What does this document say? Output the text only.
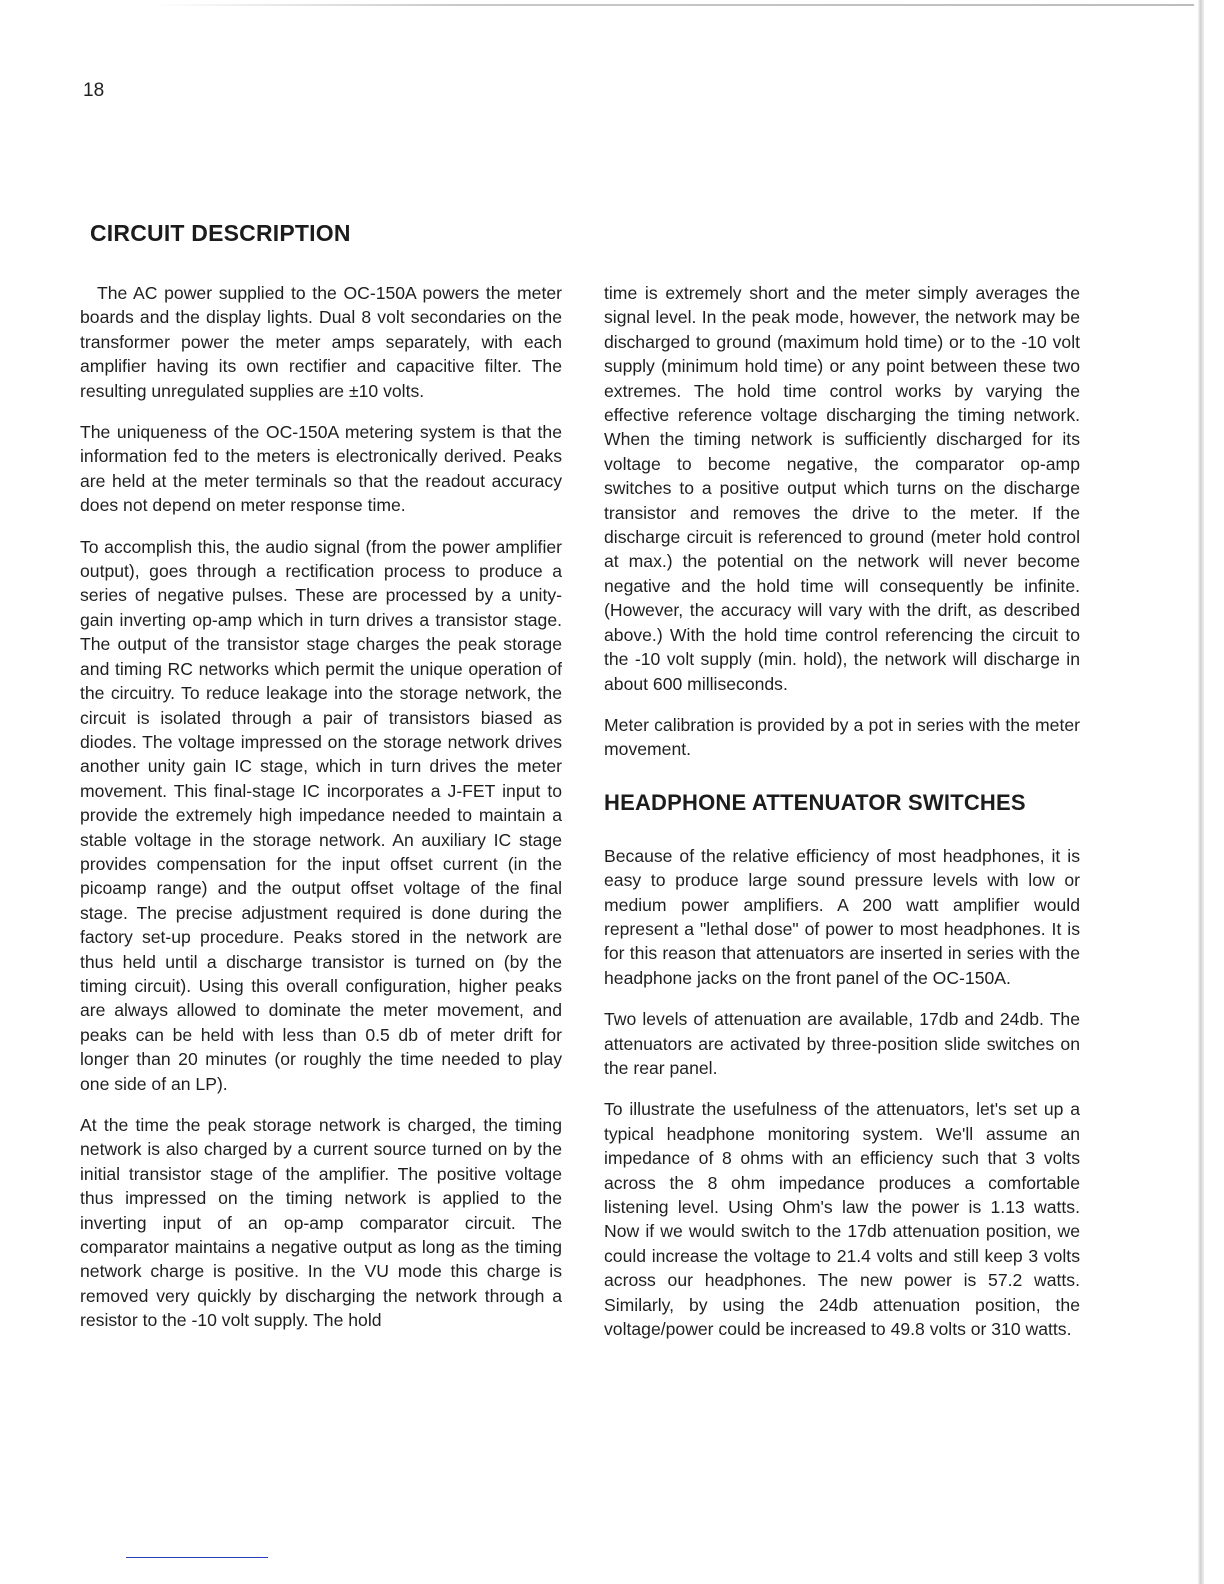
18
CIRCUIT DESCRIPTION

The AC power supplied to the OC-150A powers the meter boards and the display lights. Dual 8 volt secondaries on the transformer power the meter amps separately, with each amplifier having its own rectifier and capacitive filter. The resulting unregulated supplies are ±10 volts.

The uniqueness of the OC-150A metering system is that the information fed to the meters is electronically derived. Peaks are held at the meter terminals so that the readout accuracy does not depend on meter response time.

To accomplish this, the audio signal (from the power amplifier output), goes through a rectification process to produce a series of negative pulses. These are processed by a unity-gain inverting op-amp which in turn drives a transistor stage. The output of the transistor stage charges the peak storage and timing RC networks which permit the unique operation of the circuitry. To reduce leakage into the storage network, the circuit is isolated through a pair of transistors biased as diodes. The voltage impressed on the storage network drives another unity gain IC stage, which in turn drives the meter movement. This final-stage IC incorporates a J-FET input to provide the extremely high impedance needed to maintain a stable voltage in the storage network. An auxiliary IC stage provides compensation for the input offset current (in the picoamp range) and the output offset voltage of the final stage. The precise adjustment required is done during the factory set-up procedure. Peaks stored in the network are thus held until a discharge transistor is turned on (by the timing circuit). Using this overall configuration, higher peaks are always allowed to dominate the meter movement, and peaks can be held with less than 0.5 db of meter drift for longer than 20 minutes (or roughly the time needed to play one side of an LP).

At the time the peak storage network is charged, the timing network is also charged by a current source turned on by the initial transistor stage of the amplifier. The positive voltage thus impressed on the timing network is applied to the inverting input of an op-amp comparator circuit. The comparator maintains a negative output as long as the timing network charge is positive. In the VU mode this charge is removed very quickly by discharging the network through a resistor to the -10 volt supply. The hold

time is extremely short and the meter simply averages the signal level. In the peak mode, however, the network may be discharged to ground (maximum hold time) or to the -10 volt supply (minimum hold time) or any point between these two extremes. The hold time control works by varying the effective reference voltage discharging the timing network. When the timing network is sufficiently discharged for its voltage to become negative, the comparator op-amp switches to a positive output which turns on the discharge transistor and removes the drive to the meter. If the discharge circuit is referenced to ground (meter hold control at max.) the potential on the network will never become negative and the hold time will consequently be infinite. (However, the accuracy will vary with the drift, as described above.) With the hold time control referencing the circuit to the -10 volt supply (min. hold), the network will discharge in about 600 milliseconds.

Meter calibration is provided by a pot in series with the meter movement.

HEADPHONE ATTENUATOR SWITCHES

Because of the relative efficiency of most headphones, it is easy to produce large sound pressure levels with low or medium power amplifiers. A 200 watt amplifier would represent a "lethal dose" of power to most headphones. It is for this reason that attenuators are inserted in series with the headphone jacks on the front panel of the OC-150A.

Two levels of attenuation are available, 17db and 24db. The attenuators are activated by three-position slide switches on the rear panel.

To illustrate the usefulness of the attenuators, let's set up a typical headphone monitoring system. We'll assume an impedance of 8 ohms with an efficiency such that 3 volts across the 8 ohm impedance produces a comfortable listening level. Using Ohm's law the power is 1.13 watts. Now if we would switch to the 17db attenuation position, we could increase the voltage to 21.4 volts and still keep 3 volts across our headphones. The new power is 57.2 watts. Similarly, by using the 24db attenuation position, the voltage/power could be increased to 49.8 volts or 310 watts.
